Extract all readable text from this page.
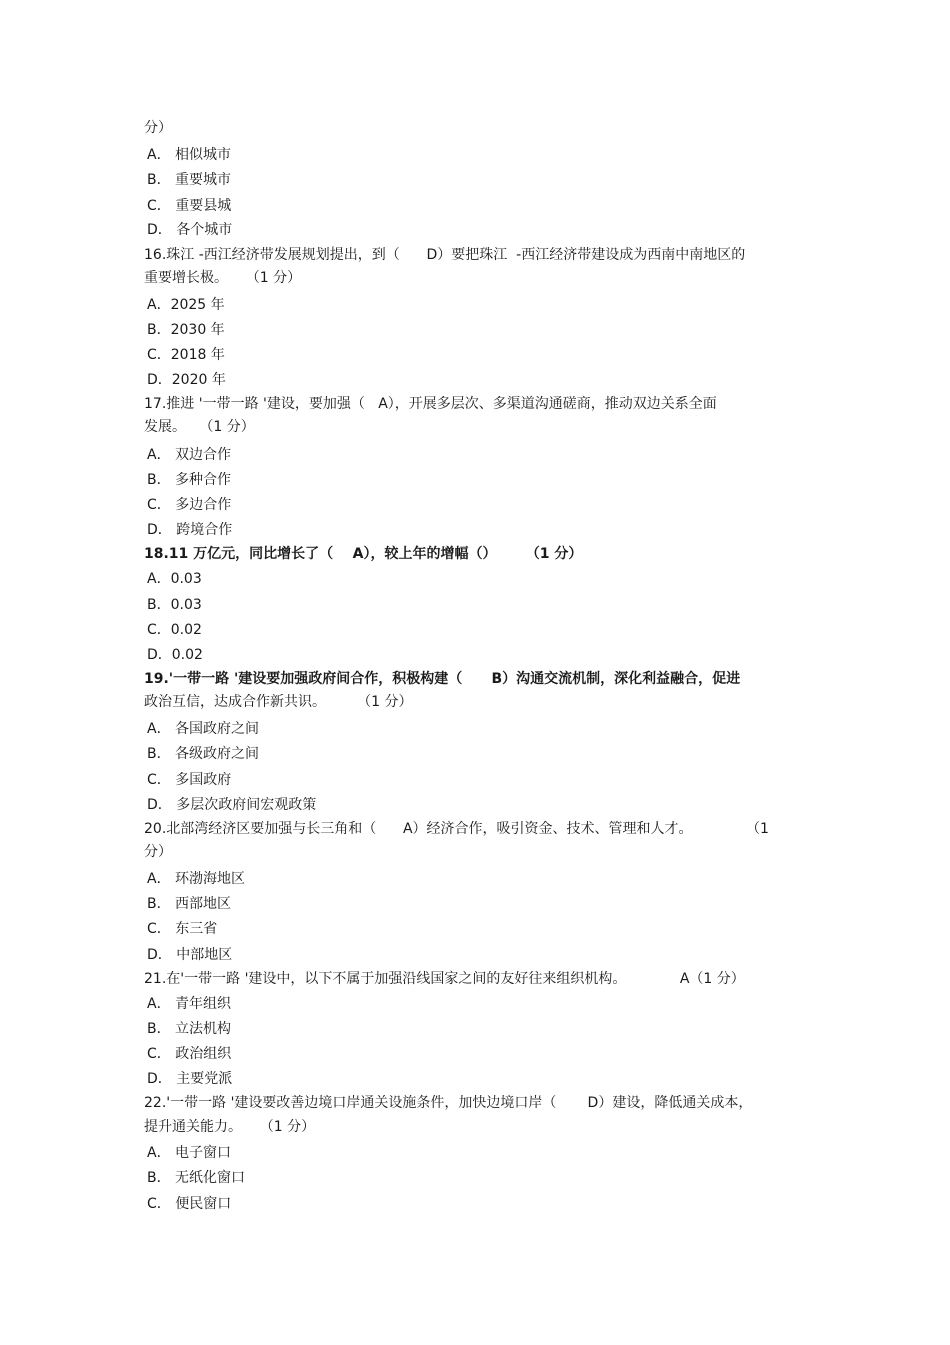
分）
A． 相似城市
B． 重要城市
C． 重要县城
D． 各个城市
16.珠江 -西江经济带发展规划提出，到（      D）要把珠江  -西江经济带建设成为西南中南地区的
重要增长极。    （1 分）
A．2025 年
B．2030 年
C．2018 年
D．2020 年
17.推进 '一带一路 '建设，要加强（   A），开展多层次、多渠道沟通磋商，推动双边关系全面
发展。   （1 分）
A． 双边合作
B． 多种合作
C． 多边合作
D． 跨境合作
18.11 万亿元，同比增长了（    A），较上年的增幅（）      （1 分）
A．0.03
B．0.03
C．0.02
D．0.02
19.'一带一路 '建设要加强政府间合作，积极构建（      B）沟通交流机制，深化利益融合，促进
政治互信，达成合作新共识。       （1 分）
A． 各国政府之间
B． 各级政府之间
C． 多国政府
D． 多层次政府间宏观政策
20.北部湾经济区要加强与长三角和（      A）经济合作，吸引资金、技术、管理和人才。            （1
分）
A． 环渤海地区
B． 西部地区
C． 东三省
D． 中部地区
21.在'一带一路 '建设中，以下不属于加强沿线国家之间的友好往来组织机构。            A（1 分）
A． 青年组织
B． 立法机构
C． 政治组织
D． 主要党派
22.'一带一路 '建设要改善边境口岸通关设施条件，加快边境口岸（       D）建设，降低通关成本，
提升通关能力。    （1 分）
A． 电子窗口
B． 无纸化窗口
C． 便民窗口
